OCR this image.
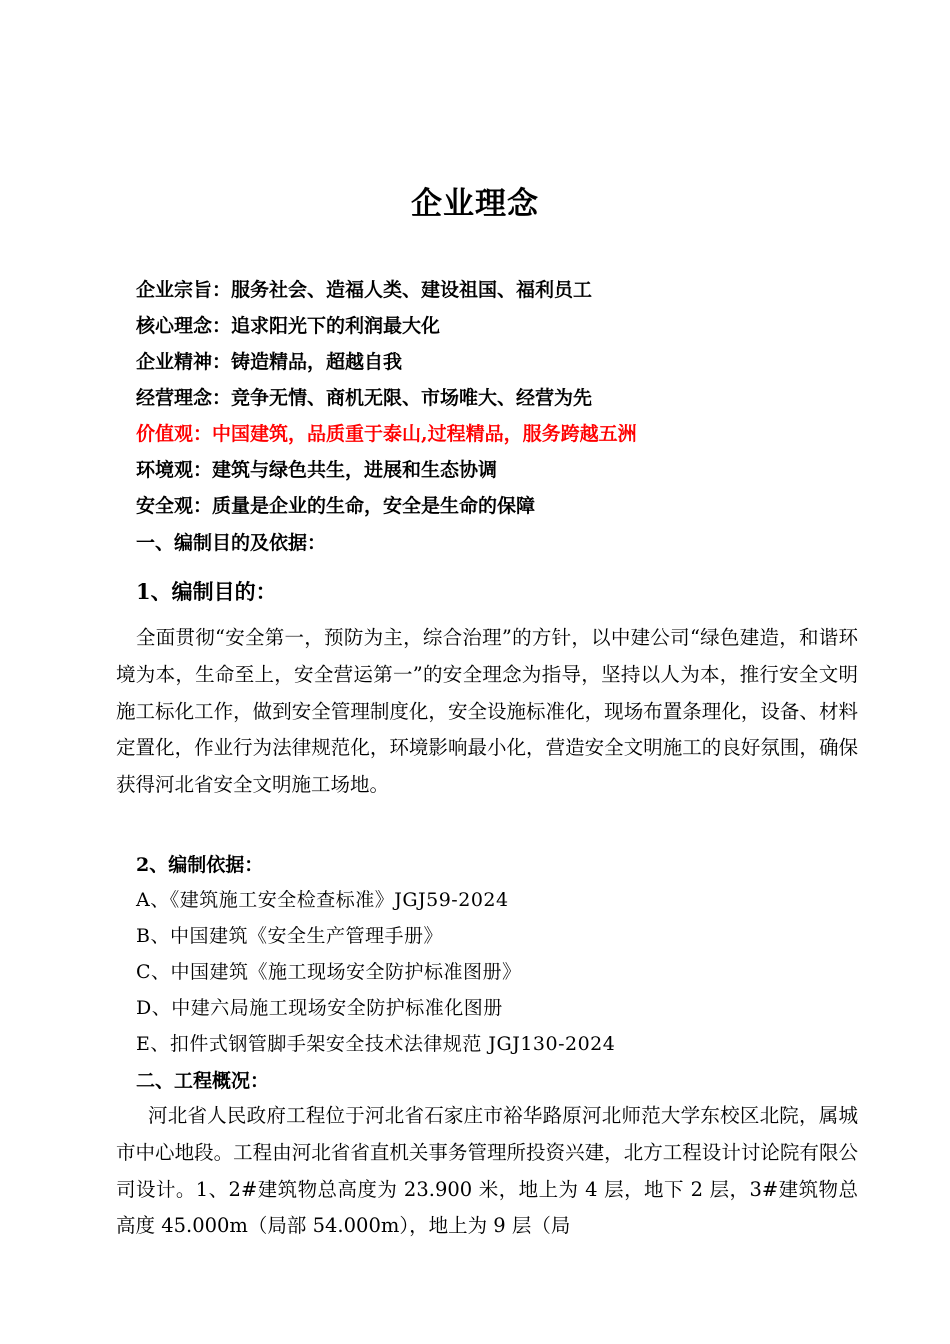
企业理念
企业宗旨：服务社会、造福人类、建设祖国、福利员工
核心理念：追求阳光下的利润最大化
企业精神：铸造精品，超越自我
经营理念：竞争无情、商机无限、市场唯大、经营为先
价值观：中国建筑，品质重于泰山,过程精品，服务跨越五洲
环境观：建筑与绿色共生，进展和生态协调
安全观：质量是企业的生命，安全是生命的保障
一、编制目的及依据：
1、编制目的：
全面贯彻“安全第一，预防为主，综合治理”的方针，以中建公司“绿色建造，和谐环境为本，生命至上，安全营运第一”的安全理念为指导，坚持以人为本，推行安全文明施工标化工作，做到安全管理制度化，安全设施标准化，现场布置条理化，设备、材料定置化，作业行为法律规范化，环境影响最小化，营造安全文明施工的良好氛围，确保获得河北省安全文明施工场地。
2、编制依据：
A、《建筑施工安全检查标准》JGJ59-2024
B、中国建筑《安全生产管理手册》
C、中国建筑《施工现场安全防护标准图册》
D、中建六局施工现场安全防护标准化图册
E、扣件式钢管脚手架安全技术法律规范 JGJ130-2024
二、工程概况：
河北省人民政府工程位于河北省石家庄市裕华路原河北师范大学东校区北院，属城市中心地段。工程由河北省省直机关事务管理所投资兴建，北方工程设计讨论院有限公司设计。1、2#建筑物总高度为 23.900 米，地上为 4 层，地下 2 层，3#建筑物总高度 45.000m（局部 54.000m），地上为 9 层（局
